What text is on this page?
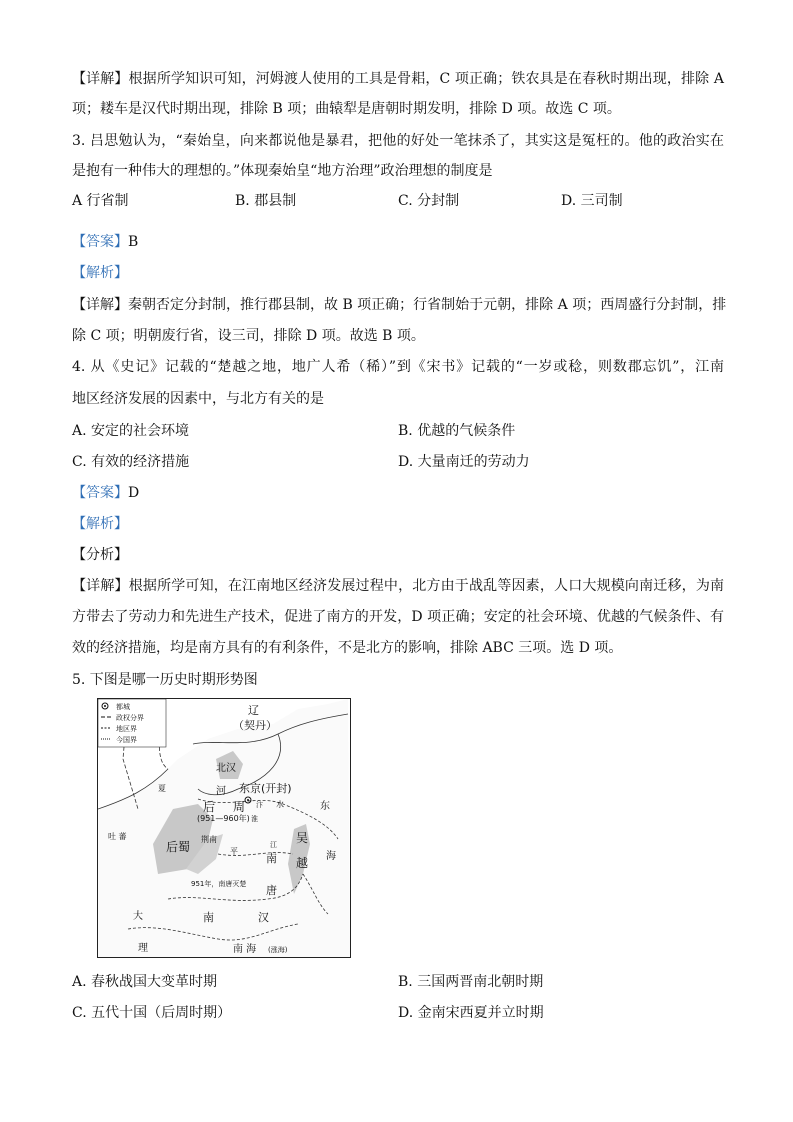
【详解】根据所学知识可知，河姆渡人使用的工具是骨耜，C 项正确；铁农具是在春秋时期出现，排除 A
项；耧车是汉代时期出现，排除 B 项；曲辕犁是唐朝时期发明，排除 D 项。故选 C 项。
3. 吕思勉认为，“秦始皇，向来都说他是暴君，把他的好处一笔抹杀了，其实这是冤枉的。他的政治实在
是抱有一种伟大的理想的。”体现秦始皇“地方治理”政治理想的制度是
A 行省制	B. 郡县制	C. 分封制	D. 三司制
【答案】B
【解析】
【详解】秦朝否定分封制，推行郡县制，故 B 项正确；行省制始于元朝，排除 A 项；西周盛行分封制，排
除 C 项；明朝废行省，设三司，排除 D 项。故选 B 项。
4. 从《史记》记载的“楚越之地，地广人希（稀）”到《宋书》记载的“一岁或稔，则数郡忘饥”，江南
地区经济发展的因素中，与北方有关的是
A. 安定的社会环境	B. 优越的气候条件
C. 有效的经济措施	D. 大量南迁的劳动力
【答案】D
【解析】
【分析】
【详解】根据所学可知，在江南地区经济发展过程中，北方由于战乱等因素，人口大规模向南迁移，为南
方带去了劳动力和先进生产技术，促进了南方的开发，D 项正确；安定的社会环境、优越的气候条件、有
效的经济措施，均是南方具有的有利条件，不是北方的影响，排除 ABC 三项。选 D 项。
5. 下图是哪一历史时期形势图
都城
政权分界
地区界
今国界
辽
（契丹）
北汉
河 东京(开封)
后 周 汴 水
淮
(951—960年)
后蜀
荆南
平
吴
越
南
唐
951年，南唐灭楚
南	汉
南 海 (涨海)
东
海
夏
吐 蕃
大
理
江
A. 春秋战国大变革时期	B. 三国两晋南北朝时期
C. 五代十国（后周时期）	D. 金南宋西夏并立时期
